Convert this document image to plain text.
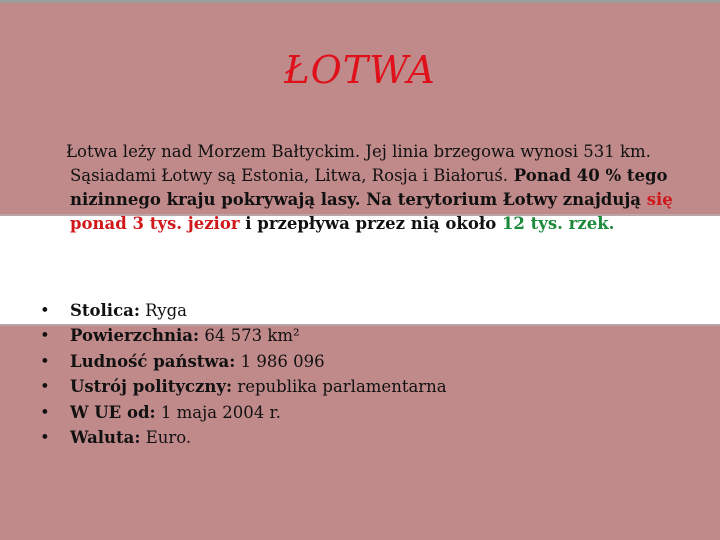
ŁOTWA
Łotwa leży nad Morzem Bałtyckim. Jej linia brzegowa wynosi 531 km.
Sąsiadami Łotwy są Estonia, Litwa, Rosja i Białoruś. Ponad 40 % tego nizinnego kraju pokrywają lasy. Na terytorium Łotwy znajdują się ponad 3 tys. jezior i przepływa przez nią około 12 tys. rzek.
•	Stolica: Ryga
•	Powierzchnia: 64 573 km²
•	Ludność państwa: 1 986 096
•	Ustrój polityczny: republika parlamentarna
•	W UE od: 1 maja 2004 r.
•	Waluta: Euro.
